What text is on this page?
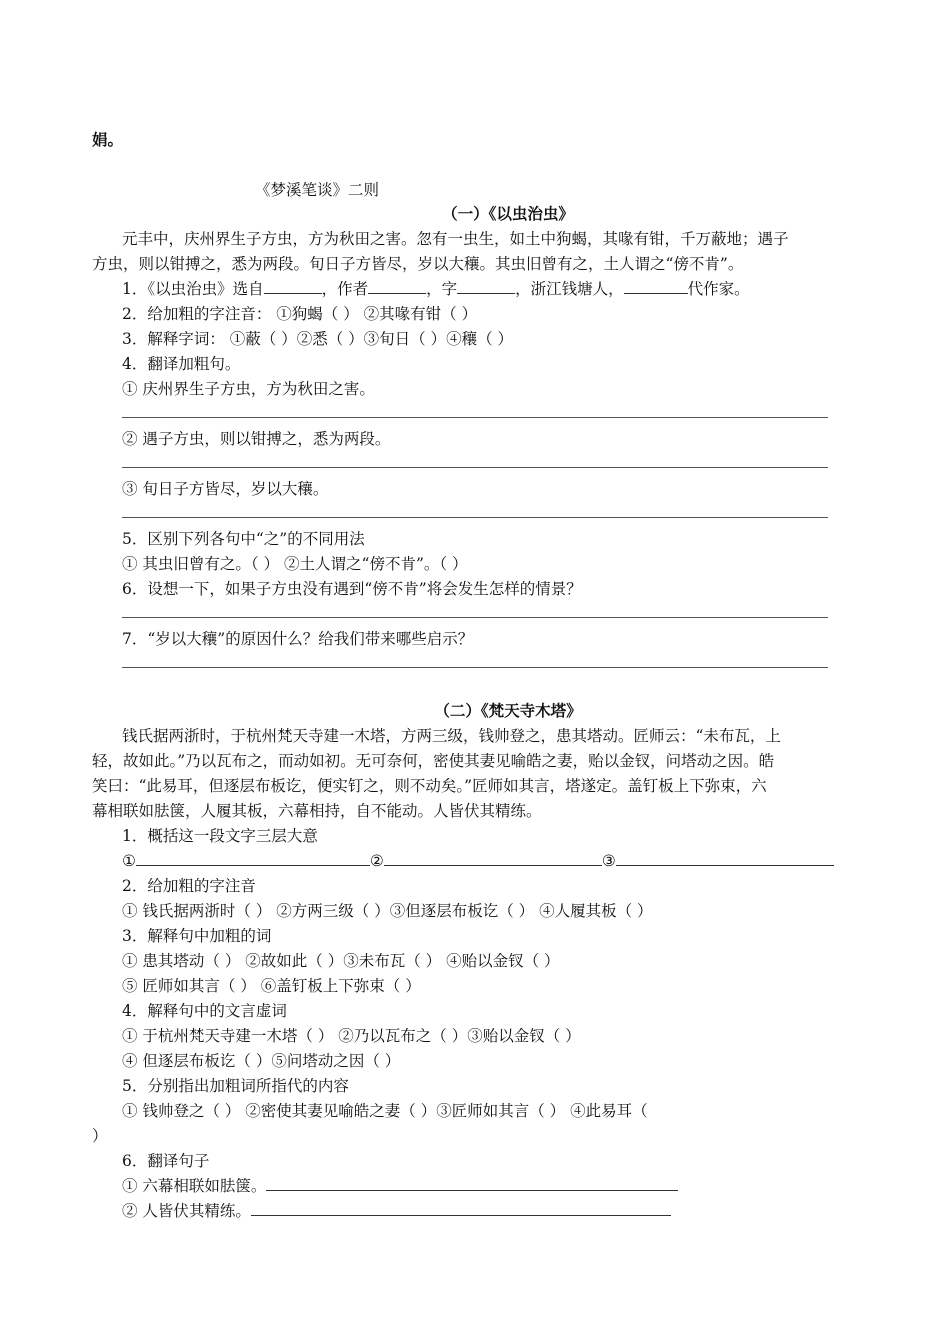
娟。
《梦溪笔谈》二则
（一）《以虫治虫》
元丰中，庆州界生子方虫，方为秋田之害。忽有一虫生，如土中狗蝎，其喙有钳，千万蔽地；遇子
方虫，则以钳搏之，悉为两段。旬日子方皆尽，岁以大穰。其虫旧曾有之，土人谓之“傍不肯”。
1．《以虫治虫》选自	，作者	，字	，浙江钱塘人，	代作家。
2．给加粗的字注音： ①狗蝎（ ） ②其喙有钳（ ）
3．解释字词： ①蔽（ ）②悉（ ）③旬日（ ）④穰（ ）
4．翻译加粗句。
① 庆州界生子方虫，方为秋田之害。
② 遇子方虫，则以钳搏之，悉为两段。
③ 旬日子方皆尽，岁以大穰。
5．区别下列各句中“之”的不同用法
① 其虫旧曾有之。（ ） ②土人谓之“傍不肯”。（ ）
6．设想一下，如果子方虫没有遇到“傍不肯”将会发生怎样的情景？
7．“岁以大穰”的原因什么？给我们带来哪些启示？
（二）《梵天寺木塔》
钱氏据两浙时，于杭州梵天寺建一木塔，方两三级，钱帅登之，患其塔动。匠师云：“未布瓦，上
轻，故如此。”乃以瓦布之，而动如初。无可奈何，密使其妻见喻皓之妻，贻以金钗，问塔动之因。皓
笑曰：“此易耳，但逐层布板讫，便实钉之，则不动矣。”匠师如其言，塔遂定。盖钉板上下弥束，六
幕相联如胠箧，人履其板，六幕相持，自不能动。人皆伏其精练。
1．概括这一段文字三层大意
①	②	③
2．给加粗的字注音
① 钱氏据两浙时（ ） ②方两三级（ ）③但逐层布板讫（ ） ④人履其板（ ）
3．解释句中加粗的词
① 患其塔动（ ） ②故如此（ ）③未布瓦（ ） ④贻以金钗（ ）
⑤ 匠师如其言（ ） ⑥盖钉板上下弥束（ ）
4．解释句中的文言虚词
① 于杭州梵天寺建一木塔（ ） ②乃以瓦布之（ ）③贻以金钗（ ）
④ 但逐层布板讫（ ）⑤问塔动之因（ ）
5．分别指出加粗词所指代的内容
① 钱帅登之（ ） ②密使其妻见喻皓之妻（ ）③匠师如其言（ ） ④此易耳（
）
6．翻译句子
① 六幕相联如胠箧。
② 人皆伏其精练。
